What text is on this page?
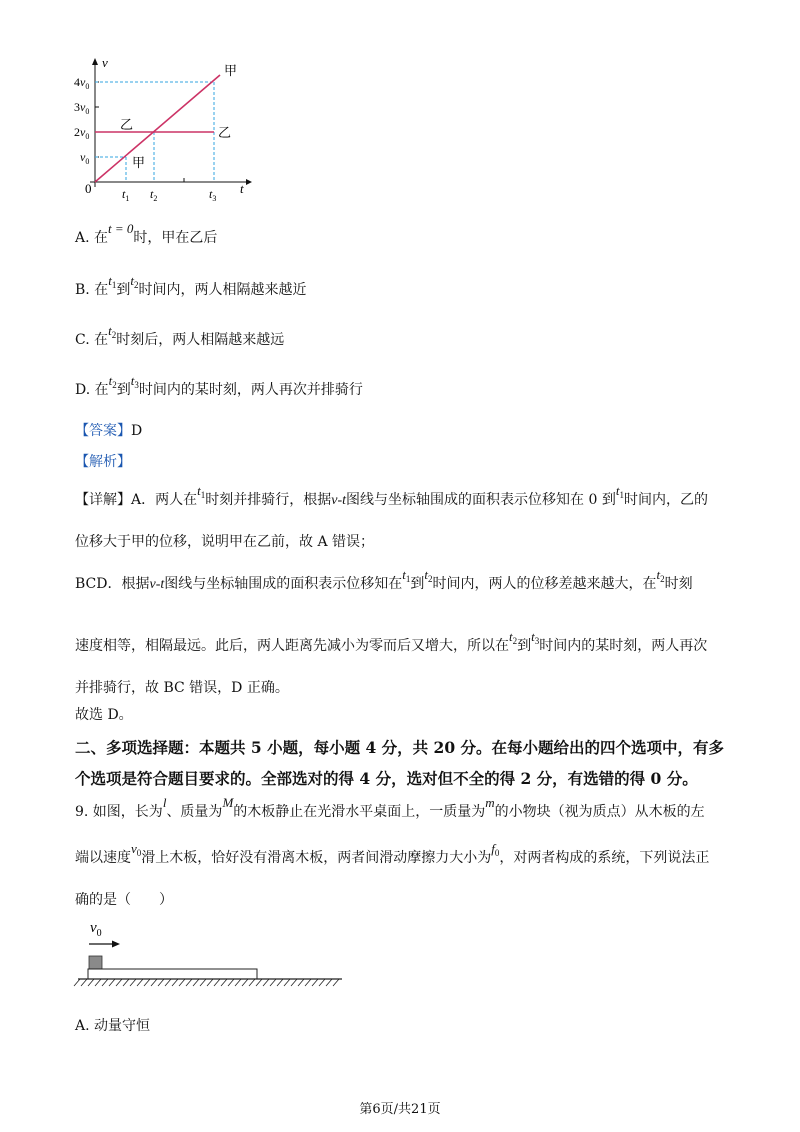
v
t
0
$4v_0$
$3v_0$
$2v_0$
$v_0$
$t_1$ $t_2$	$t_3$
甲
乙
乙
甲
A. 在t = 0时，甲在乙后
B. 在$t_1$到$t_2$时间内，两人相隔越来越近
C. 在$t_2$时刻后，两人相隔越来越远
D. 在$t_2$到$t_3$时间内的某时刻，两人再次并排骑行
【答案】D
【解析】
【详解】A．两人在$t_1$时刻并排骑行，根据v-t图线与坐标轴围成的面积表示位移知在 0 到$t_1$时间内，乙的
位移大于甲的位移，说明甲在乙前，故 A 错误；
BCD．根据v-t图线与坐标轴围成的面积表示位移知在$t_1$到$t_2$时间内，两人的位移差越来越大，在$t_2$时刻
速度相等，相隔最远。此后，两人距离先减小为零而后又增大，所以在$t_2$到$t_3$时间内的某时刻，两人再次
并排骑行，故 BC 错误，D 正确。
故选 D。
二、多项选择题：本题共 5 小题，每小题 4 分，共 20 分。在每小题给出的四个选项中，有多
个选项是符合题目要求的。全部选对的得 4 分，选对但不全的得 2 分，有选错的得 0 分。
9. 如图，长为l、质量为M的木板静止在光滑水平桌面上，一质量为m的小物块（视为质点）从木板的左
端以速度$v_0$滑上木板，恰好没有滑离木板，两者间滑动摩擦力大小为$f_0$，对两者构成的系统，下列说法正
确的是（　　）
$v_0$
A. 动量守恒
第6页/共21页
